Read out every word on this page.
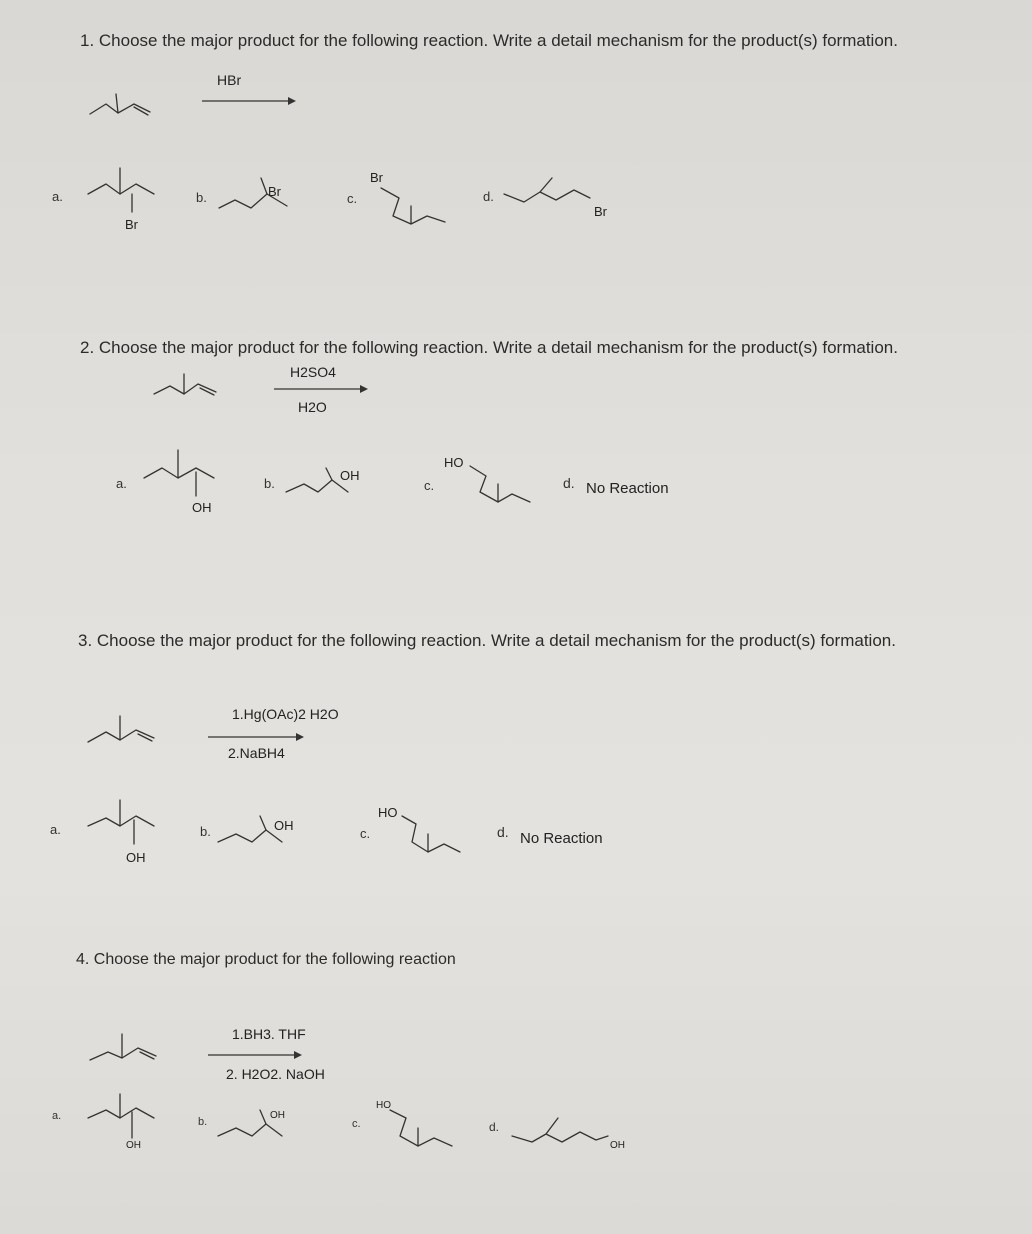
1. Choose the major product for the following reaction. Write a detail mechanism for the product(s) formation.
HBr
a.
Br
b.	Br	c.
Br
d.
Br
2. Choose the major product for the following reaction. Write a detail mechanism for the product(s) formation.
H2SO4
H2O
a.
OH
b.
OH
c.
HO
d. No Reaction
3. Choose the major product for the following reaction. Write a detail mechanism for the product(s) formation.
1.Hg(OAc)2 H2O
2.NaBH4
a.
OH
b.	OH
c.
HO
d. No Reaction
4. Choose the major product for the following reaction
1.BH3. THF
2. H2O2. NaOH
a.
OH
b.
OH
c.
HO
d.
OH
